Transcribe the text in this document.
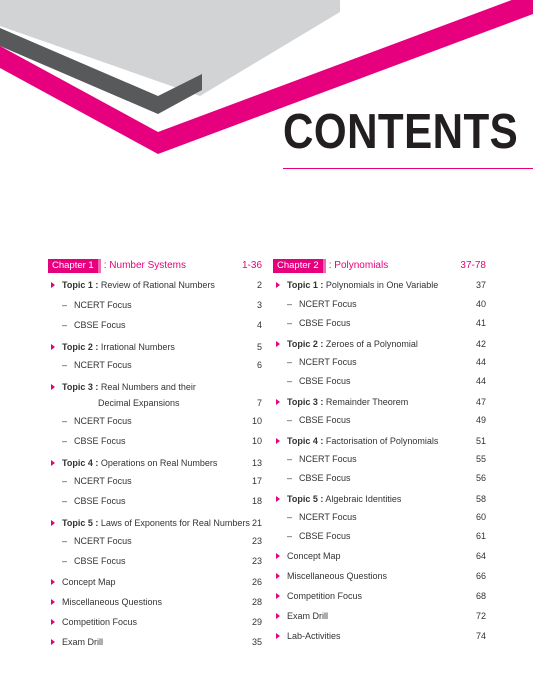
CONTENTS
Chapter 1 : Number Systems	1-36
Topic 1 : Review of Rational Numbers	2
– NCERT Focus	3
– CBSE Focus	4
Topic 2 : Irrational Numbers	5
– NCERT Focus	6
Topic 3 : Real Numbers and their
Decimal Expansions	7
– NCERT Focus	10
– CBSE Focus	10
Topic 4 : Operations on Real Numbers	13
– NCERT Focus	17
– CBSE Focus	18
Topic 5 : Laws of Exponents for Real Numbers 21
– NCERT Focus	23
– CBSE Focus	23
Concept Map	26
Miscellaneous Questions	28
Competition Focus	29
Exam Drill	35
Chapter 2 : Polynomials	37-78
Topic 1 : Polynomials in One Variable	37
– NCERT Focus	40
– CBSE Focus	41
Topic 2 : Zeroes of a Polynomial	42
– NCERT Focus	44
– CBSE Focus	44
Topic 3 : Remainder Theorem	47
– CBSE Focus	49
Topic 4 : Factorisation of Polynomials	51
– NCERT Focus	55
– CBSE Focus	56
Topic 5 : Algebraic Identities	58
– NCERT Focus	60
– CBSE Focus	61
Concept Map	64
Miscellaneous Questions	66
Competition Focus	68
Exam Drill	72
Lab-Activities	74
